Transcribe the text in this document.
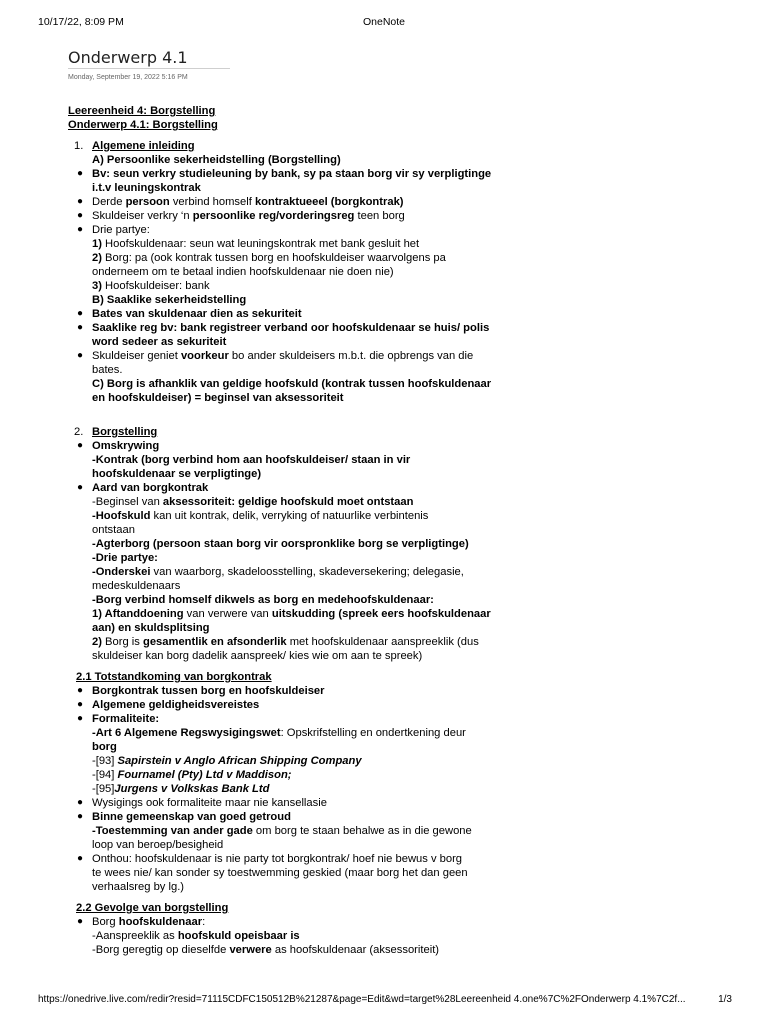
10/17/22, 8:09 PM	OneNote
Onderwerp 4.1
Monday, September 19, 2022 5:16 PM
Leereenheid 4: Borgstelling
Onderwerp 4.1: Borgstelling
1. Algemene inleiding
A) Persoonlike sekerheidstelling (Borgstelling)
● Bv: seun verkry studieleuning by bank, sy pa staan borg vir sy verpligtinge
i.t.v leuningskontrak
● Derde persoon verbind homself kontraktueeel (borgkontrak)
● Skuldeiser verkry ‘n persoonlike reg/vorderingsreg teen borg
● Drie partye:
1) Hoofskuldenaar: seun wat leuningskontrak met bank gesluit het
2) Borg: pa (ook kontrak tussen borg en hoofskuldeiser waarvolgens pa
onderneem om te betaal indien hoofskuldenaar nie doen nie)
3) Hoofskuldeiser: bank
B) Saaklike sekerheidstelling
● Bates van skuldenaar dien as sekuriteit
● Saaklike reg bv: bank registreer verband oor hoofskuldenaar se huis/ polis
word sedeer as sekuriteit
● Skuldeiser geniet voorkeur bo ander skuldeisers m.b.t. die opbrengs van die
bates.
C) Borg is afhanklik van geldige hoofskuld (kontrak tussen hoofskuldenaar
en hoofskuldeiser) = beginsel van aksessoriteit
2. Borgstelling
● Omskrywing
-Kontrak (borg verbind hom aan hoofskuldeiser/ staan in vir
hoofskuldenaar se verpligtinge)
● Aard van borgkontrak
-Beginsel van aksessoriteit: geldige hoofskuld moet ontstaan
-Hoofskuld kan uit kontrak, delik, verryking of natuurlike verbintenis
ontstaan
-Agterborg (persoon staan borg vir oorspronklike borg se verpligtinge)
-Drie partye:
-Onderskei van waarborg, skadeloosstelling, skadeversekering; delegasie,
medeskuldenaars
-Borg verbind homself dikwels as borg en medehoofskuldenaar:
1) Aftanddoening van verwere van uitskudding (spreek eers hoofskuldenaar
aan) en skuldsplitsing
2) Borg is gesamentlik en afsonderlik met hoofskuldenaar aanspreeklik (dus
skuldeiser kan borg dadelik aanspreek/ kies wie om aan te spreek)
2.1 Totstandkoming van borgkontrak
● Borgkontrak tussen borg en hoofskuldeiser
● Algemene geldigheidsvereistes
● Formaliteite:
-Art 6 Algemene Regswysigingswet: Opskrifstelling en ondertkening deur
borg
-[93] Sapirstein v Anglo African Shipping Company
-[94] Fournamel (Pty) Ltd v Maddison;
-[95]Jurgens v Volkskas Bank Ltd
● Wysigings ook formaliteite maar nie kansellasie
● Binne gemeenskap van goed getroud
-Toestemming van ander gade om borg te staan behalwe as in die gewone
loop van beroep/besigheid
● Onthou: hoofskuldenaar is nie party tot borgkontrak/ hoef nie bewus v borg
te wees nie/ kan sonder sy toestwemming geskied (maar borg het dan geen
verhaalsreg by lg.)
2.2 Gevolge van borgstelling
● Borg hoofskuldenaar:
-Aanspreeklik as hoofskuld opeisbaar is
-Borg geregtig op dieselfde verwere as hoofskuldenaar (aksessoriteit)
https://onedrive.live.com/redir?resid=71115CDFC150512B%21287&page=Edit&wd=target%28Leereenheid 4.one%7C%2FOnderwerp 4.1%7C2f...	1/3
